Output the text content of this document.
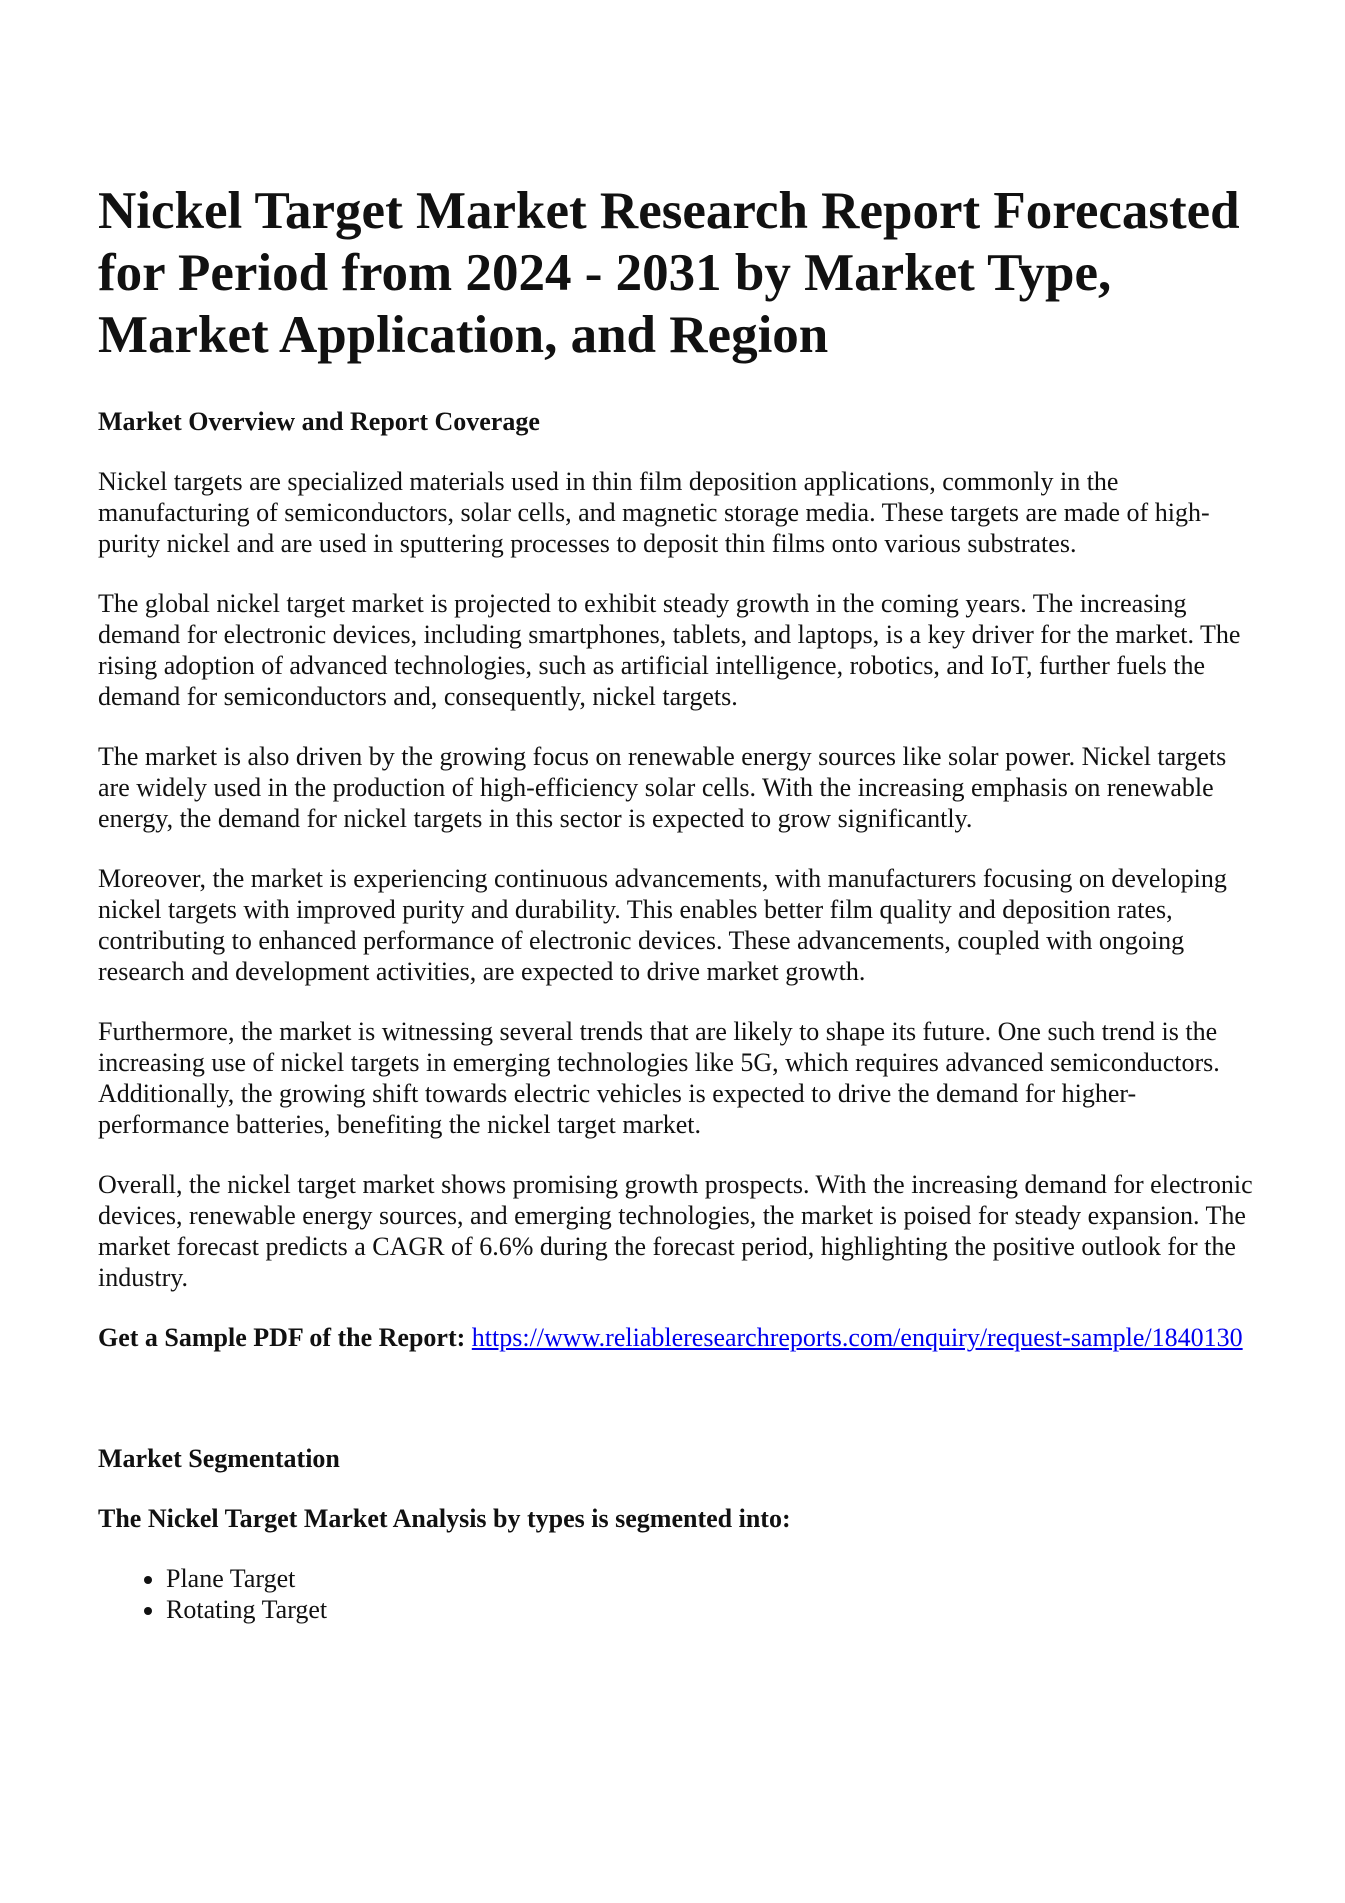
Nickel Target Market Research Report Forecasted for Period from 2024 - 2031 by Market Type, Market Application, and Region
Market Overview and Report Coverage

Nickel targets are specialized materials used in thin film deposition applications, commonly in the manufacturing of semiconductors, solar cells, and magnetic storage media. These targets are made of high-purity nickel and are used in sputtering processes to deposit thin films onto various substrates.

The global nickel target market is projected to exhibit steady growth in the coming years. The increasing demand for electronic devices, including smartphones, tablets, and laptops, is a key driver for the market. The rising adoption of advanced technologies, such as artificial intelligence, robotics, and IoT, further fuels the demand for semiconductors and, consequently, nickel targets.

The market is also driven by the growing focus on renewable energy sources like solar power. Nickel targets are widely used in the production of high-efficiency solar cells. With the increasing emphasis on renewable energy, the demand for nickel targets in this sector is expected to grow significantly.

Moreover, the market is experiencing continuous advancements, with manufacturers focusing on developing nickel targets with improved purity and durability. This enables better film quality and deposition rates, contributing to enhanced performance of electronic devices. These advancements, coupled with ongoing research and development activities, are expected to drive market growth.

Furthermore, the market is witnessing several trends that are likely to shape its future. One such trend is the increasing use of nickel targets in emerging technologies like 5G, which requires advanced semiconductors. Additionally, the growing shift towards electric vehicles is expected to drive the demand for higher-performance batteries, benefiting the nickel target market.

Overall, the nickel target market shows promising growth prospects. With the increasing demand for electronic devices, renewable energy sources, and emerging technologies, the market is poised for steady expansion. The market forecast predicts a CAGR of 6.6% during the forecast period, highlighting the positive outlook for the industry.

Get a Sample PDF of the Report: https://www.reliableresearchreports.com/enquiry/request-sample/1840130

Market Segmentation
The Nickel Target Market Analysis by types is segmented into:
• Plane Target
• Rotating Target
